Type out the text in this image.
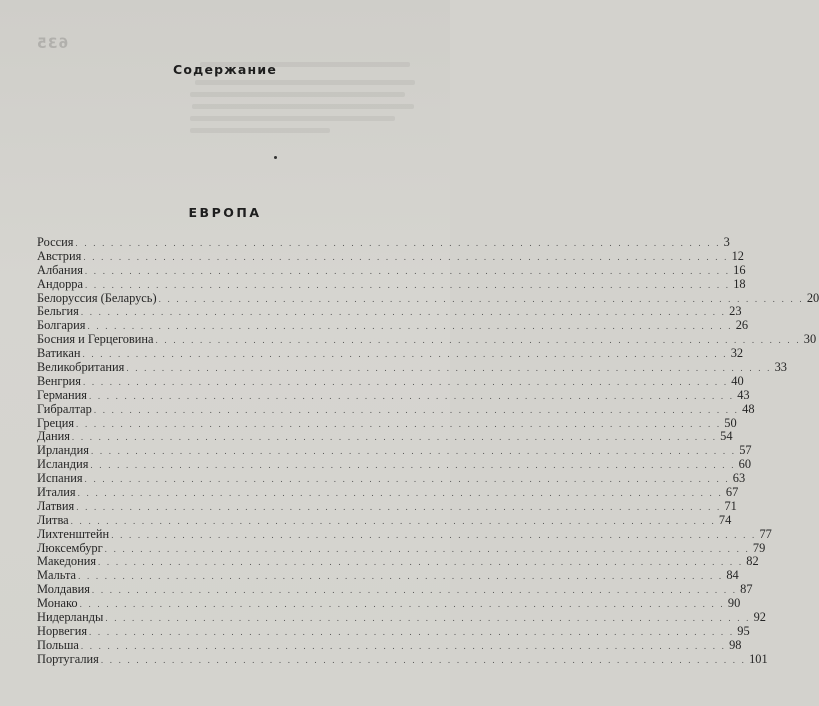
635
Содержание
ЕВРОПА
Россия . . . . . . . . . . . . . . . . . . . . . . . . . . . . . . . . . . . . . . . . . . . . . . . . . . . . . . . . . . . . . . . . . . . . . . . . . 3
Австрия . . . . . . . . . . . . . . . . . . . . . . . . . . . . . . . . . . . . . . . . . . . . . . . . . . . . . . . . . . . . . . . . . . . . . . . . . 12
Албания . . . . . . . . . . . . . . . . . . . . . . . . . . . . . . . . . . . . . . . . . . . . . . . . . . . . . . . . . . . . . . . . . . . . . . . . . 16
Андорра . . . . . . . . . . . . . . . . . . . . . . . . . . . . . . . . . . . . . . . . . . . . . . . . . . . . . . . . . . . . . . . . . . . . . . . . . 18
Белоруссия (Беларусь) . . . . . . . . . . . . . . . . . . . . . . . . . . . . . . . . . . . . . . . . . . . . . . . . . . . . . . . . . . . . . . . . . . . . . . . . . 20
Бельгия . . . . . . . . . . . . . . . . . . . . . . . . . . . . . . . . . . . . . . . . . . . . . . . . . . . . . . . . . . . . . . . . . . . . . . . . . 23
Болгария . . . . . . . . . . . . . . . . . . . . . . . . . . . . . . . . . . . . . . . . . . . . . . . . . . . . . . . . . . . . . . . . . . . . . . . . . 26
Босния и Герцеговина . . . . . . . . . . . . . . . . . . . . . . . . . . . . . . . . . . . . . . . . . . . . . . . . . . . . . . . . . . . . . . . . . . . . . . . . . 30
Ватикан . . . . . . . . . . . . . . . . . . . . . . . . . . . . . . . . . . . . . . . . . . . . . . . . . . . . . . . . . . . . . . . . . . . . . . . . . 32
Великобритания . . . . . . . . . . . . . . . . . . . . . . . . . . . . . . . . . . . . . . . . . . . . . . . . . . . . . . . . . . . . . . . . . . . . . . . . . 33
Венгрия . . . . . . . . . . . . . . . . . . . . . . . . . . . . . . . . . . . . . . . . . . . . . . . . . . . . . . . . . . . . . . . . . . . . . . . . . 40
Германия . . . . . . . . . . . . . . . . . . . . . . . . . . . . . . . . . . . . . . . . . . . . . . . . . . . . . . . . . . . . . . . . . . . . . . . . . 43
Гибралтар . . . . . . . . . . . . . . . . . . . . . . . . . . . . . . . . . . . . . . . . . . . . . . . . . . . . . . . . . . . . . . . . . . . . . . . . . 48
Греция . . . . . . . . . . . . . . . . . . . . . . . . . . . . . . . . . . . . . . . . . . . . . . . . . . . . . . . . . . . . . . . . . . . . . . . . . 50
Дания . . . . . . . . . . . . . . . . . . . . . . . . . . . . . . . . . . . . . . . . . . . . . . . . . . . . . . . . . . . . . . . . . . . . . . . . . 54
Ирландия . . . . . . . . . . . . . . . . . . . . . . . . . . . . . . . . . . . . . . . . . . . . . . . . . . . . . . . . . . . . . . . . . . . . . . . . . 57
Исландия . . . . . . . . . . . . . . . . . . . . . . . . . . . . . . . . . . . . . . . . . . . . . . . . . . . . . . . . . . . . . . . . . . . . . . . . . 60
Испания . . . . . . . . . . . . . . . . . . . . . . . . . . . . . . . . . . . . . . . . . . . . . . . . . . . . . . . . . . . . . . . . . . . . . . . . . 63
Италия . . . . . . . . . . . . . . . . . . . . . . . . . . . . . . . . . . . . . . . . . . . . . . . . . . . . . . . . . . . . . . . . . . . . . . . . . 67
Латвия . . . . . . . . . . . . . . . . . . . . . . . . . . . . . . . . . . . . . . . . . . . . . . . . . . . . . . . . . . . . . . . . . . . . . . . . . 71
Литва . . . . . . . . . . . . . . . . . . . . . . . . . . . . . . . . . . . . . . . . . . . . . . . . . . . . . . . . . . . . . . . . . . . . . . . . . 74
Лихтенштейн . . . . . . . . . . . . . . . . . . . . . . . . . . . . . . . . . . . . . . . . . . . . . . . . . . . . . . . . . . . . . . . . . . . . . . . . . 77
Люксембург . . . . . . . . . . . . . . . . . . . . . . . . . . . . . . . . . . . . . . . . . . . . . . . . . . . . . . . . . . . . . . . . . . . . . . . . . 79
Македония . . . . . . . . . . . . . . . . . . . . . . . . . . . . . . . . . . . . . . . . . . . . . . . . . . . . . . . . . . . . . . . . . . . . . . . . . 82
Мальта . . . . . . . . . . . . . . . . . . . . . . . . . . . . . . . . . . . . . . . . . . . . . . . . . . . . . . . . . . . . . . . . . . . . . . . . . 84
Молдавия . . . . . . . . . . . . . . . . . . . . . . . . . . . . . . . . . . . . . . . . . . . . . . . . . . . . . . . . . . . . . . . . . . . . . . . . . 87
Монако . . . . . . . . . . . . . . . . . . . . . . . . . . . . . . . . . . . . . . . . . . . . . . . . . . . . . . . . . . . . . . . . . . . . . . . . . 90
Нидерланды . . . . . . . . . . . . . . . . . . . . . . . . . . . . . . . . . . . . . . . . . . . . . . . . . . . . . . . . . . . . . . . . . . . . . . . . . 92
Норвегия . . . . . . . . . . . . . . . . . . . . . . . . . . . . . . . . . . . . . . . . . . . . . . . . . . . . . . . . . . . . . . . . . . . . . . . . . 95
Польша . . . . . . . . . . . . . . . . . . . . . . . . . . . . . . . . . . . . . . . . . . . . . . . . . . . . . . . . . . . . . . . . . . . . . . . . . 98
Португалия . . . . . . . . . . . . . . . . . . . . . . . . . . . . . . . . . . . . . . . . . . . . . . . . . . . . . . . . . . . . . . . . . . . . . . . . . 101
